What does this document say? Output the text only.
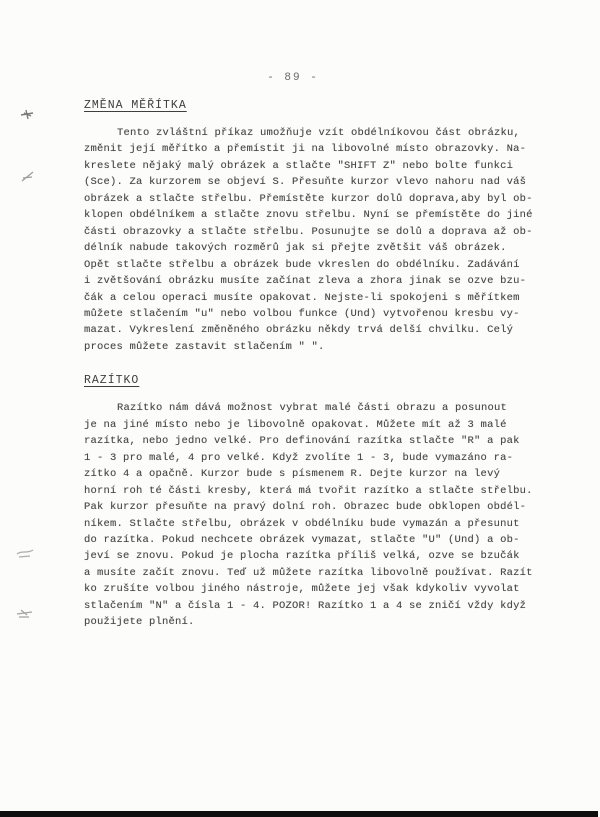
- 89 -
ZMĚNA MĚŘÍTKA
Tento zvláštní příkaz umožňuje vzít obdélníkovou část obrázku,
změnit její měřítko a přemístit ji na libovolné místo obrazovky. Na-
kreslete nějaký malý obrázek a stlačte "SHIFT Z" nebo bolte funkci
(Sce). Za kurzorem se objeví S. Přesuňte kurzor vlevo nahoru nad váš
obrázek a stlačte střelbu. Přemístěte kurzor dolů doprava,aby byl ob-
klopen obdélníkem a stlačte znovu střelbu. Nyní se přemístěte do jiné
části obrazovky a stlačte střelbu. Posunujte se dolů a doprava až ob-
délník nabude takových rozměrů jak si přejte zvětšit váš obrázek.
Opět stlačte střelbu a obrázek bude vkreslen do obdélníku. Zadávání
i zvětšování obrázku musíte začínat zleva a zhora jinak se ozve bzu-
čák a celou operaci musíte opakovat. Nejste-li spokojeni s měřítkem
můžete stlačením "u" nebo volbou funkce (Und) vytvořenou kresbu vy-
mazat. Vykreslení změněného obrázku někdy trvá delší chvilku. Celý
proces můžete zastavit stlačením " ".
RAZÍTKO
Razítko nám dává možnost vybrat malé části obrazu a posunout
je na jiné místo nebo je libovolně opakovat. Můžete mít až 3 malé
razítka, nebo jedno velké. Pro definování razítka stlačte "R" a pak
1 - 3 pro malé, 4 pro velké. Když zvolíte 1 - 3, bude vymazáno ra-
zítko 4 a opačně. Kurzor bude s písmenem R. Dejte kurzor na levý
horní roh té části kresby, která má tvořit razítko a stlačte střelbu.
Pak kurzor přesuňte na pravý dolní roh. Obrazec bude obklopen obdél-
níkem. Stlačte střelbu, obrázek v obdélníku bude vymazán a přesunut
do razítka. Pokud nechcete obrázek vymazat, stlačte "U" (Und) a ob-
jeví se znovu. Pokud je plocha razítka příliš velká, ozve se bzučák
a musíte začít znovu. Teď už můžete razítka libovolně používat. Razít
ko zrušíte volbou jiného nástroje, můžete jej však kdykoliv vyvolat
stlačením "N" a čísla 1 - 4. POZOR! Razítko 1 a 4 se zničí vždy když
použijete plnění.
